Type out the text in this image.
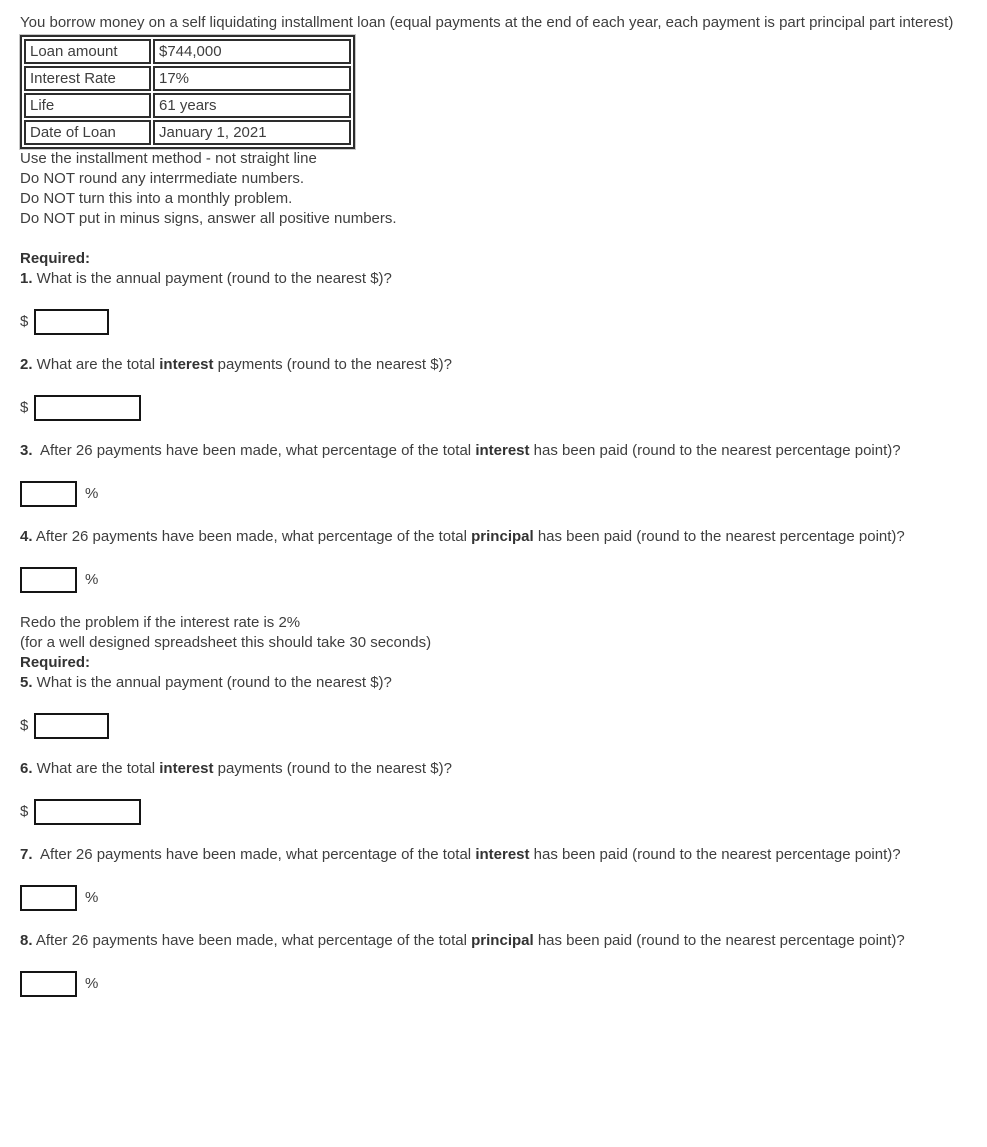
You borrow money on a self liquidating installment loan (equal payments at the end of each year, each payment is part principal part interest)

Loan amount	$744,000
Interest Rate	17%
Life	61 years
Date of Loan	January 1, 2021
Use the installment method - not straight line
Do NOT round any interrmediate numbers.
Do NOT turn this into a monthly problem.
Do NOT put in minus signs, answer all positive numbers.

Required:

1. What is the annual payment (round to the nearest $)?

$

2. What are the total interest payments (round to the nearest $)?

$

3.  After 26 payments have been made, what percentage of the total interest has been paid (round to the nearest percentage point)?

%

4. After 26 payments have been made, what percentage of the total principal has been paid (round to the nearest percentage point)?

%

Redo the problem if the interest rate is 2%

(for a well designed spreadsheet this should take 30 seconds)

Required:

5. What is the annual payment (round to the nearest $)?

$

6. What are the total interest payments (round to the nearest $)?

$

7.  After 26 payments have been made, what percentage of the total interest has been paid (round to the nearest percentage point)?

%

8. After 26 payments have been made, what percentage of the total principal has been paid (round to the nearest percentage point)?

%
